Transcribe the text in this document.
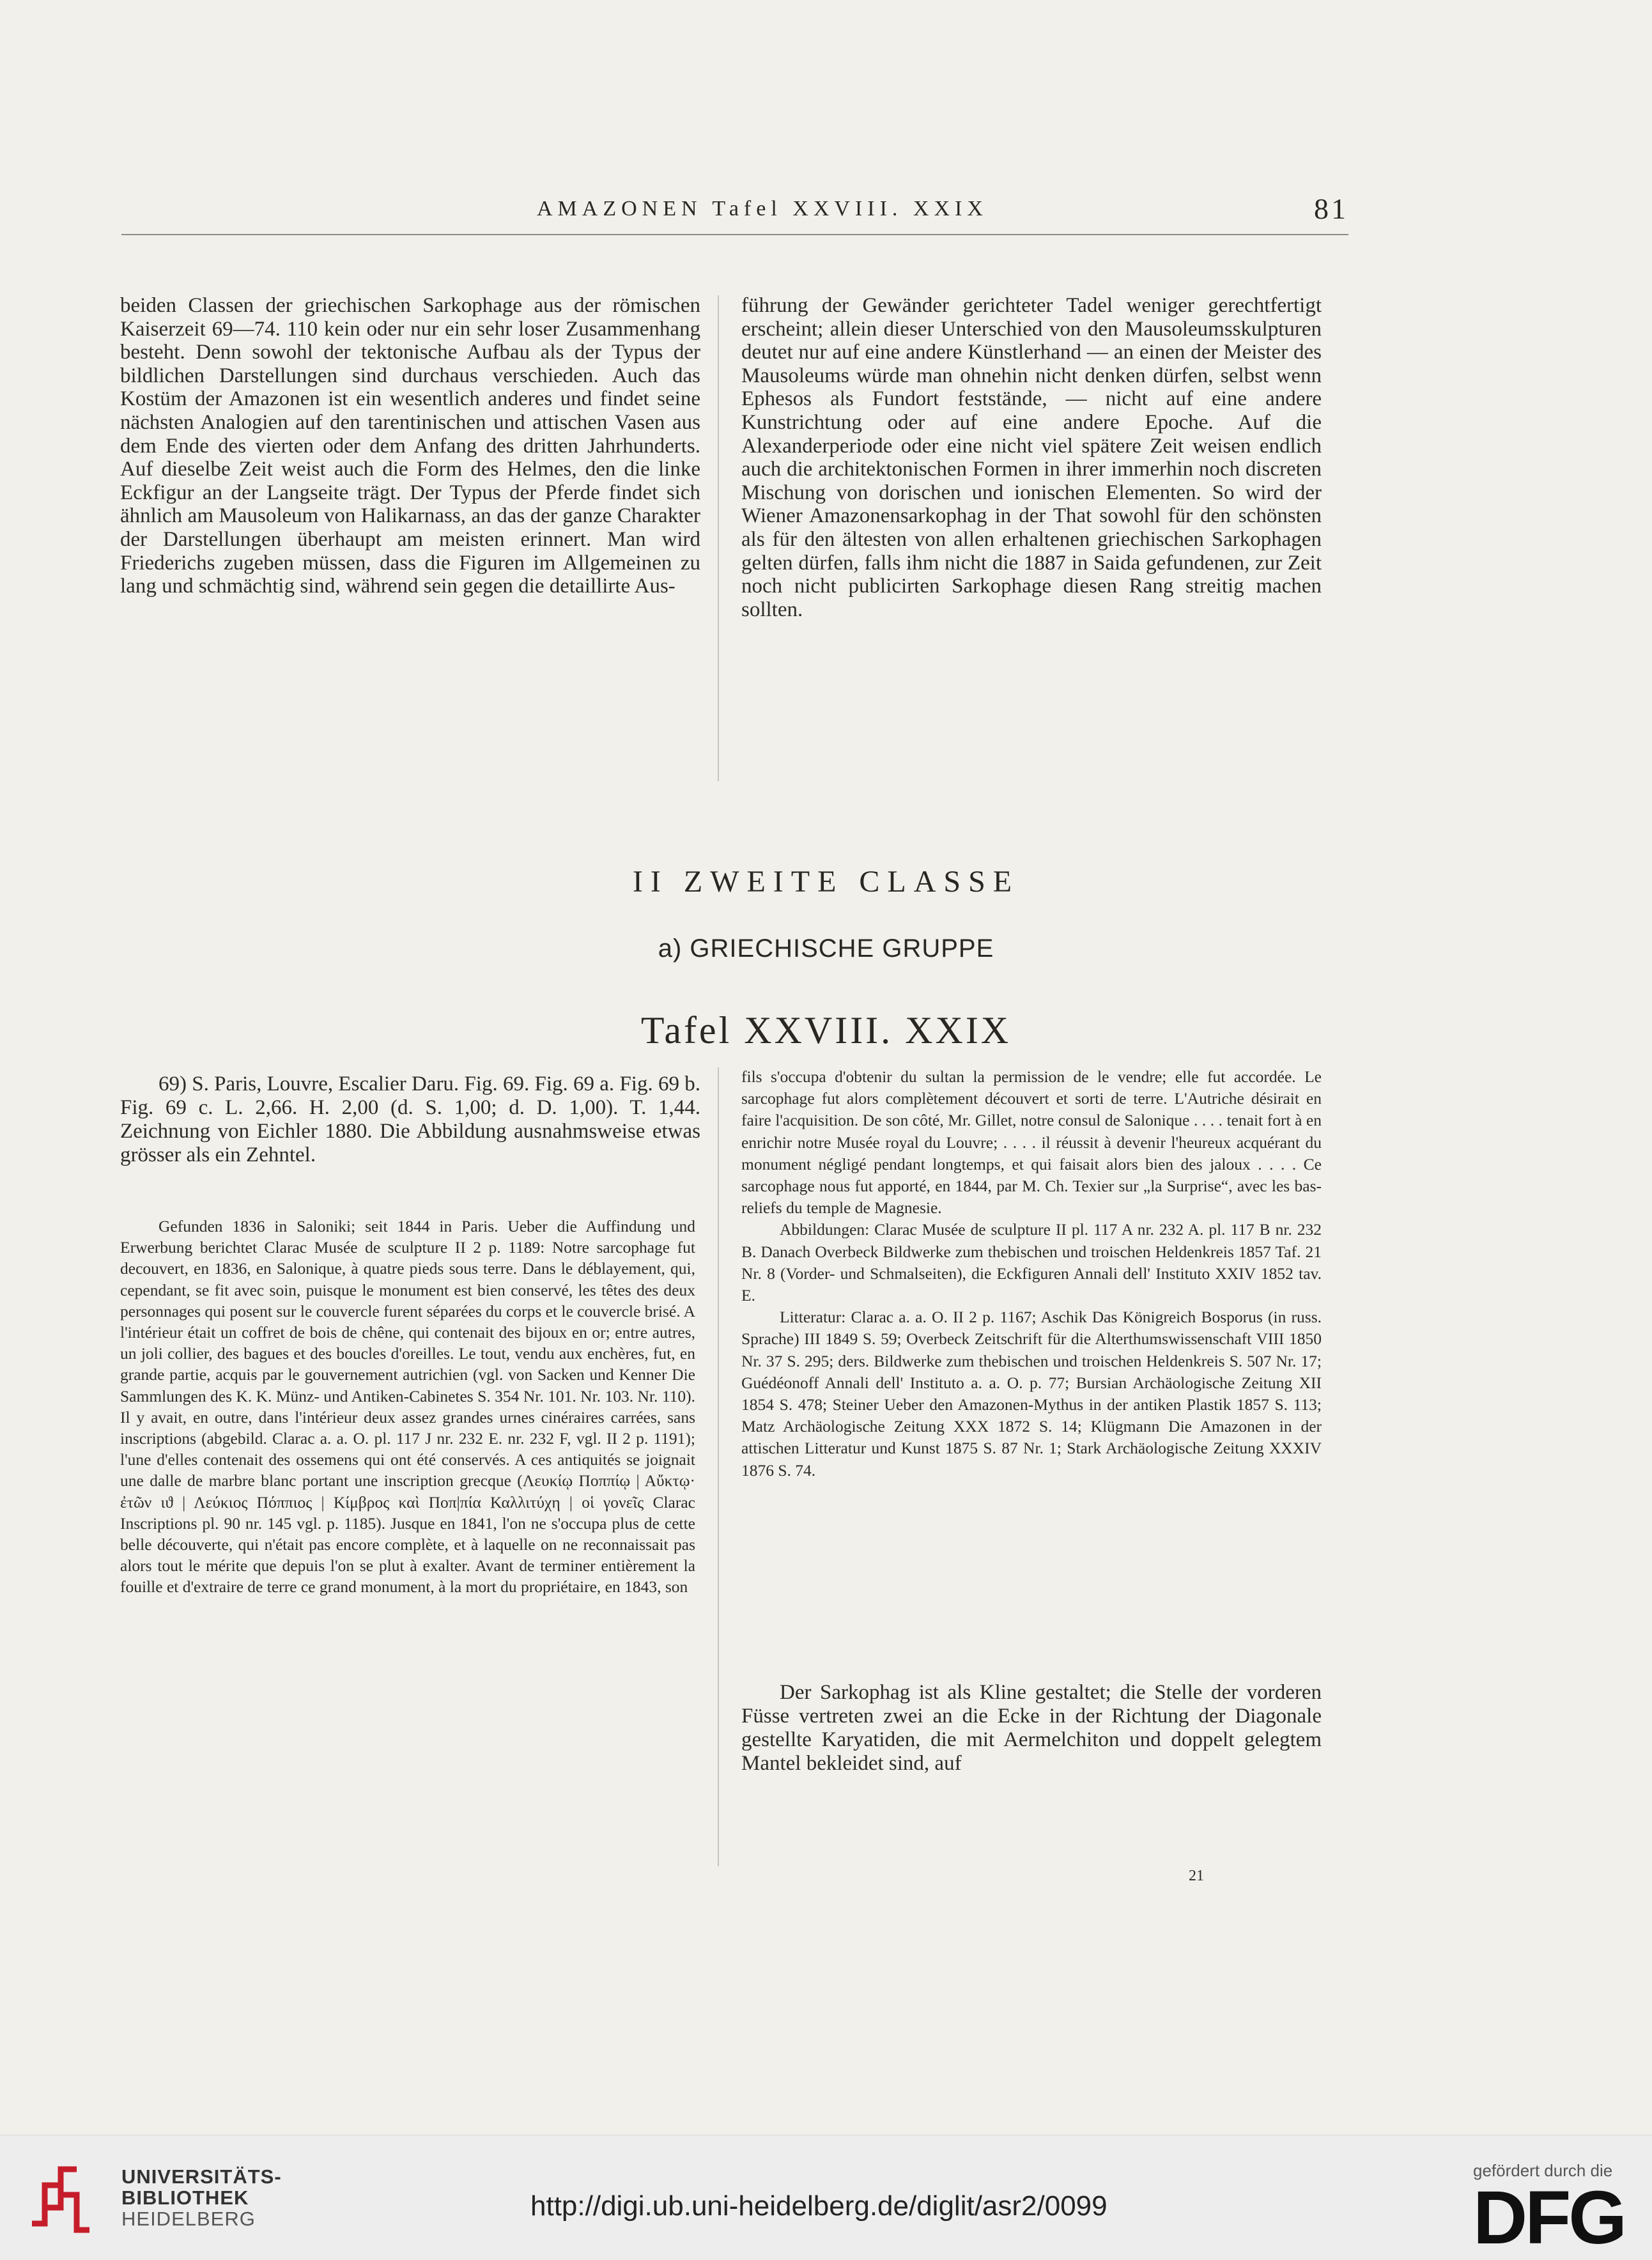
AMAZONEN Tafel XXVIII. XXIX	81

beiden Classen der griechischen Sarkophage aus der römischen Kaiserzeit 69—74. 110 kein oder nur ein sehr loser Zusammenhang besteht. Denn sowohl der tektonische Aufbau als der Typus der bildlichen Darstellungen sind durchaus verschieden. Auch das Kostüm der Amazonen ist ein wesentlich anderes und findet seine nächsten Analogien auf den tarentinischen und attischen Vasen aus dem Ende des vierten oder dem Anfang des dritten Jahrhunderts. Auf dieselbe Zeit weist auch die Form des Helmes, den die linke Eckfigur an der Langseite trägt. Der Typus der Pferde findet sich ähnlich am Mausoleum von Halikarnass, an das der ganze Charakter der Darstellungen überhaupt am meisten erinnert. Man wird Friederichs zugeben müssen, dass die Figuren im Allgemeinen zu lang und schmächtig sind, während sein gegen die detaillirte Aus-

führung der Gewänder gerichteter Tadel weniger gerechtfertigt erscheint; allein dieser Unterschied von den Mausoleumsskulpturen deutet nur auf eine andere Künstlerhand — an einen der Meister des Mausoleums würde man ohnehin nicht denken dürfen, selbst wenn Ephesos als Fundort feststände, — nicht auf eine andere Kunstrichtung oder auf eine andere Epoche. Auf die Alexanderperiode oder eine nicht viel spätere Zeit weisen endlich auch die architektonischen Formen in ihrer immerhin noch discreten Mischung von dorischen und ionischen Elementen. So wird der Wiener Amazonensarkophag in der That sowohl für den schönsten als für den ältesten von allen erhaltenen griechischen Sarkophagen gelten dürfen, falls ihm nicht die 1887 in Saida gefundenen, zur Zeit noch nicht publicirten Sarkophage diesen Rang streitig machen sollten.

II ZWEITE CLASSE
a) GRIECHISCHE GRUPPE
Tafel XXVIII. XXIX

69) S. Paris, Louvre, Escalier Daru. Fig. 69. Fig. 69 a. Fig. 69 b. Fig. 69 c. L. 2,66. H. 2,00 (d. S. 1,00; d. D. 1,00). T. 1,44. Zeichnung von Eichler 1880. Die Abbildung ausnahmsweise etwas grösser als ein Zehntel.

Gefunden 1836 in Saloniki; seit 1844 in Paris. Ueber die Auffindung und Erwerbung berichtet Clarac Musée de sculpture II 2 p. 1189: Notre sarcophage fut decouvert, en 1836, en Salonique, à quatre pieds sous terre. Dans le déblayement, qui, cependant, se fit avec soin, puisque le monument est bien conservé, les têtes des deux personnages qui posent sur le couvercle furent séparées du corps et le couvercle brisé. A l'intérieur était un coffret de bois de chêne, qui contenait des bijoux en or; entre autres, un joli collier, des bagues et des boucles d'oreilles. Le tout, vendu aux enchères, fut, en grande partie, acquis par le gouvernement autrichien (vgl. von Sacken und Kenner Die Sammlungen des K. K. Münz- und Antiken-Cabinetes S. 354 Nr. 101. Nr. 103. Nr. 110). Il y avait, en outre, dans l'intérieur deux assez grandes urnes cinéraires carrées, sans inscriptions (abgebild. Clarac a. a. O. pl. 117 J nr. 232 E. nr. 232 F, vgl. II 2 p. 1191); l'une d'elles contenait des ossemens qui ont été conservés. A ces antiquités se joignait une dalle de marbre blanc portant une inscription grecque (Λευκίῳ Ποππίῳ | Αὔκτῳ· ἐτῶν ιϑ | Λεύκιος Πόππιος | Κίμβρος καὶ Ποπ|πία Καλλιτύχη | οἱ γονεῖς Clarac Inscriptions pl. 90 nr. 145 vgl. p. 1185). Jusque en 1841, l'on ne s'occupa plus de cette belle découverte, qui n'était pas encore complète, et à laquelle on ne reconnaissait pas alors tout le mérite que depuis l'on se plut à exalter. Avant de terminer entièrement la fouille et d'extraire de terre ce grand monument, à la mort du propriétaire, en 1843, son

fils s'occupa d'obtenir du sultan la permission de le vendre; elle fut accordée. Le sarcophage fut alors complètement découvert et sorti de terre. L'Autriche désirait en faire l'acquisition. De son côté, Mr. Gillet, notre consul de Salonique . . . . tenait fort à en enrichir notre Musée royal du Louvre; . . . . il réussit à devenir l'heureux acquérant du monument négligé pendant longtemps, et qui faisait alors bien des jaloux . . . . Ce sarcophage nous fut apporté, en 1844, par M. Ch. Texier sur „la Surprise“, avec les bas-reliefs du temple de Magnesie.

Abbildungen: Clarac Musée de sculpture II pl. 117 A nr. 232 A. pl. 117 B nr. 232 B. Danach Overbeck Bildwerke zum thebischen und troischen Heldenkreis 1857 Taf. 21 Nr. 8 (Vorder- und Schmalseiten), die Eckfiguren Annali dell' Instituto XXIV 1852 tav. E.

Litteratur: Clarac a. a. O. II 2 p. 1167; Aschik Das Königreich Bosporus (in russ. Sprache) III 1849 S. 59; Overbeck Zeitschrift für die Alterthumswissenschaft VIII 1850 Nr. 37 S. 295; ders. Bildwerke zum thebischen und troischen Heldenkreis S. 507 Nr. 17; Guédéonoff Annali dell' Instituto a. a. O. p. 77; Bursian Archäologische Zeitung XII 1854 S. 478; Steiner Ueber den Amazonen-Mythus in der antiken Plastik 1857 S. 113; Matz Archäologische Zeitung XXX 1872 S. 14; Klügmann Die Amazonen in der attischen Litteratur und Kunst 1875 S. 87 Nr. 1; Stark Archäologische Zeitung XXXIV 1876 S. 74.

Der Sarkophag ist als Kline gestaltet; die Stelle der vorderen Füsse vertreten zwei an die Ecke in der Richtung der Diagonale gestellte Karyatiden, die mit Aermelchiton und doppelt gelegtem Mantel bekleidet sind, auf

21
UNIVERSITÄTS-
BIBLIOTHEK
HEIDELBERG	http://digi.ub.uni-heidelberg.de/diglit/asr2/0099
gefördert durch die
DFG
